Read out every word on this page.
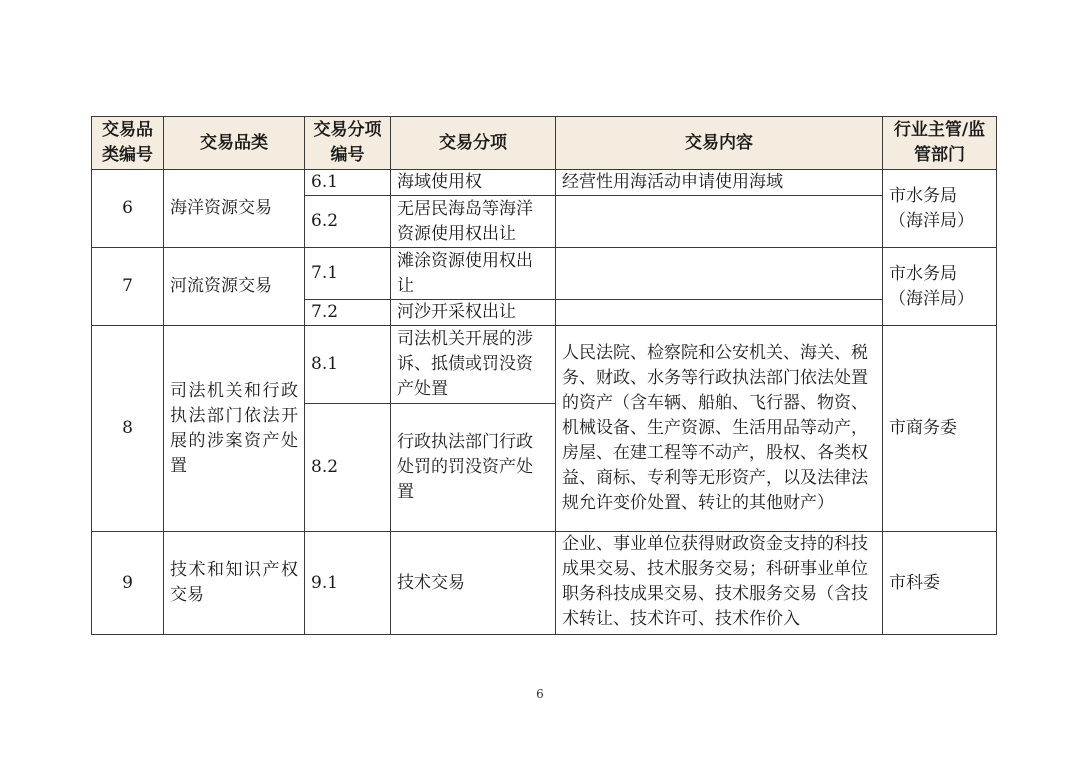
交易品类编号	交易品类	交易分项编号	交易分项	交易内容	行业主管/监管部门
6	海洋资源交易	6.1	海域使用权	经营性用海活动申请使用海域	市水务局（海洋局）
		6.2	无居民海岛等海洋资源使用权出让		
7	河流资源交易	7.1	滩涂资源使用权出让		市水务局（海洋局）
		7.2	河沙开采权出让		
8	司法机关和行政执法部门依法开展的涉案资产处置	8.1	司法机关开展的涉诉、抵债或罚没资产处置	人民法院、检察院和公安机关、海关、税务、财政、水务等行政执法部门依法处置的资产（含车辆、船舶、飞行器、物资、机械设备、生产资源、生活用品等动产，房屋、在建工程等不动产，股权、各类权益、商标、专利等无形资产，以及法律法规允许变价处置、转让的其他财产）	市商务委
		8.2	行政执法部门行政处罚的罚没资产处置		
9	技术和知识产权交易	9.1	技术交易	企业、事业单位获得财政资金支持的科技成果交易、技术服务交易；科研事业单位职务科技成果交易、技术服务交易（含技术转让、技术许可、技术作价入	市科委
6
